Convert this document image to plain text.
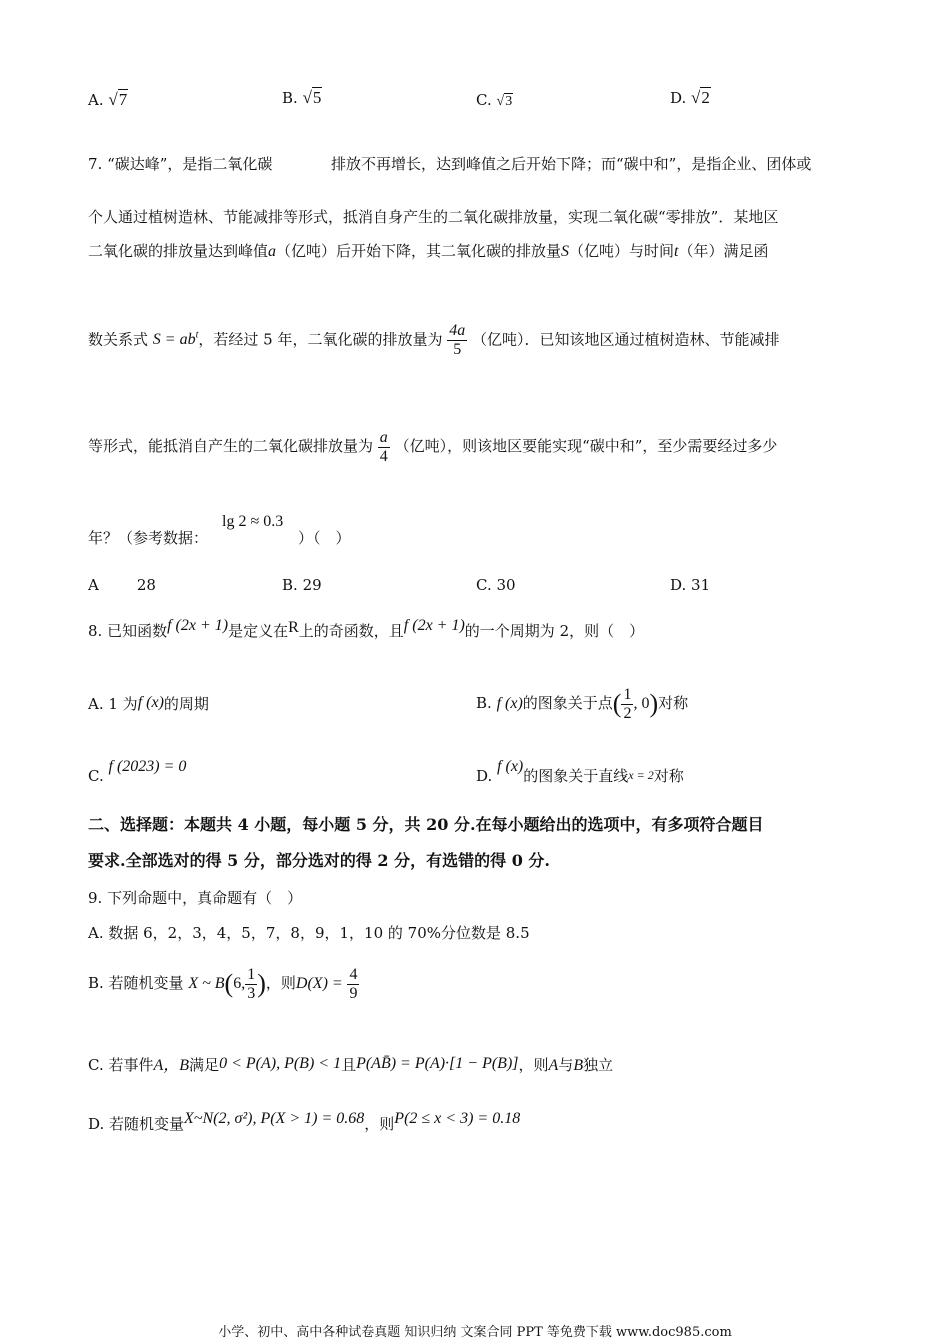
A. √7	B. √5	C. √3	D. √2
7. “碳达峰”，是指二氧化碳	排放不再增长，达到峰值之后开始下降；而“碳中和”，是指企业、团体或
个人通过植树造林、节能减排等形式，抵消自身产生的二氧化碳排放量，实现二氧化碳“零排放”．某地区
二氧化碳的排放量达到峰值a（亿吨）后开始下降，其二氧化碳的排放量S（亿吨）与时间t（年）满足函
数关系式 $S = ab^t$，若经过 5 年，二氧化碳的排放量为 $\frac{4a}{5}$ （亿吨）．已知该地区通过植树造林、节能减排
等形式，能抵消自产生的二氧化碳排放量为 $\frac{a}{4}$ （亿吨），则该地区要能实现“碳中和”，至少需要经过多少
年？（参考数据：
lg 2 ≈ 0.3
）（　）
A	28	B. 29	C. 30	D. 31
8. 已知函数f (2x + 1)是定义在R上的奇函数，且f (2x + 1)的一个周期为 2，则（　）
A. 1 为f (x)的周期	B. f (x)的图象关于点( $\frac{1}{2}$ , 0)对称
C. f (2023) = 0
D. f (x)的图象关于直线x = 2对称
二、选择题：本题共 4 小题，每小题 5 分，共 20 分.在每小题给出的选项中，有多项符合题目
要求.全部选对的得 5 分，部分选对的得 2 分，有选错的得 0 分.
9. 下列命题中，真命题有（　）
A. 数据 6，2，3，4，5，7，8，9，1，10 的 70%分位数是 8.5
B. 若随机变量 X ~ B(6, $\frac{1}{3}$ )，则$D(X) = \frac{4}{9}$
C. 若事件A，B满足0 < P(A), P(B) < 1且P(AB̄) = P(A)·[1 − P(B)]，则A与B独立
D. 若随机变量X~N(2, σ²), P(X > 1) = 0.68，则P(2 ≤ x < 3) = 0.18
小学、初中、高中各种试卷真题 知识归纳 文案合同 PPT 等免费下载 www.doc985.com
